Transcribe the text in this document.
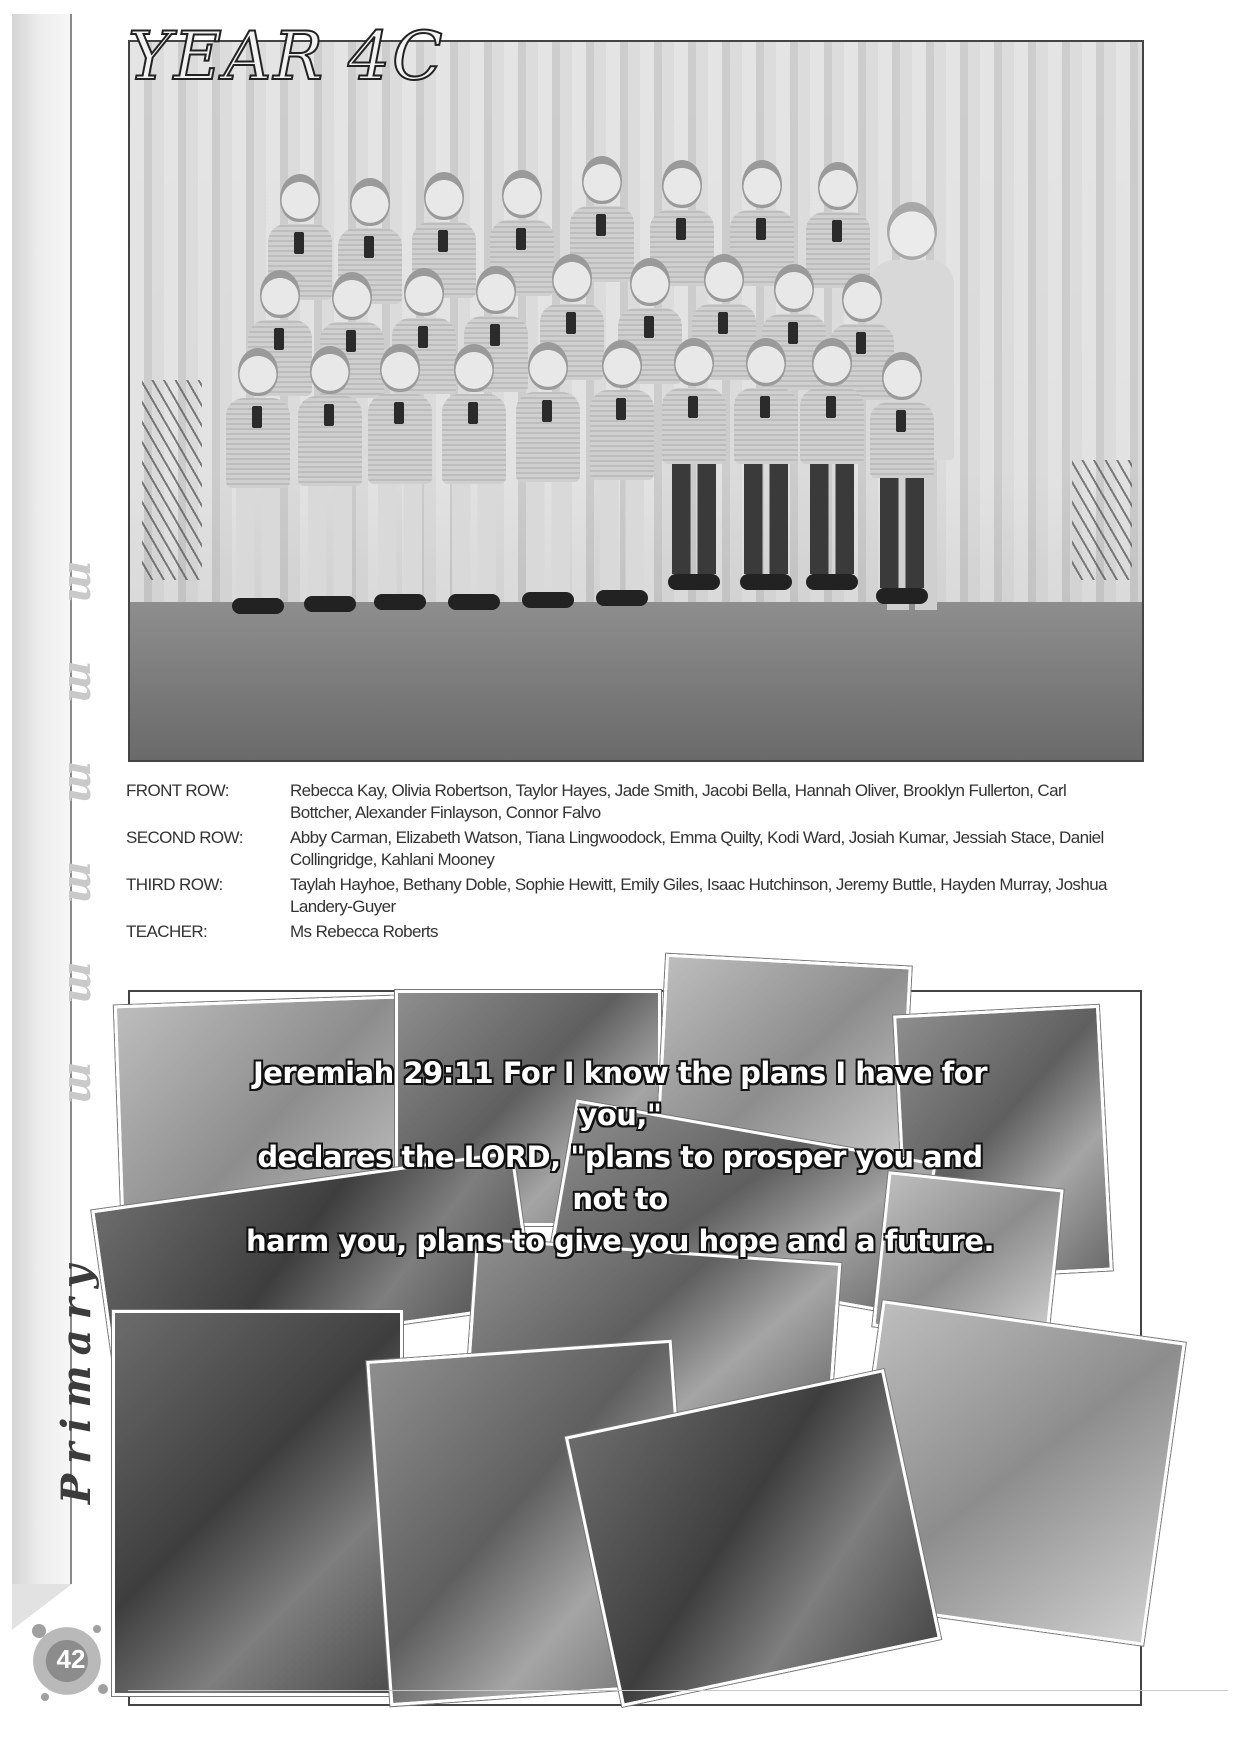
ɯ ɯ ɯ ɯ ɯ ɯ
Primary
YEAR 4C
FRONT ROW:	Rebecca Kay, Olivia Robertson, Taylor Hayes, Jade Smith, Jacobi Bella, Hannah Oliver, Brooklyn Fullerton, Carl Bottcher, Alexander Finlayson, Connor Falvo
SECOND ROW:	Abby Carman, Elizabeth Watson, Tiana Lingwoodock, Emma Quilty, Kodi Ward, Josiah Kumar, Jessiah Stace, Daniel Collingridge, Kahlani Mooney
THIRD ROW:	Taylah Hayhoe, Bethany Doble, Sophie Hewitt, Emily Giles, Isaac Hutchinson, Jeremy Buttle, Hayden Murray, Joshua Landery-Guyer
TEACHER:	Ms Rebecca Roberts
Jeremiah 29:11 For I know the plans I have for you,"
declares the LORD, "plans to prosper you and not to
harm you, plans to give you hope and a future.
42
